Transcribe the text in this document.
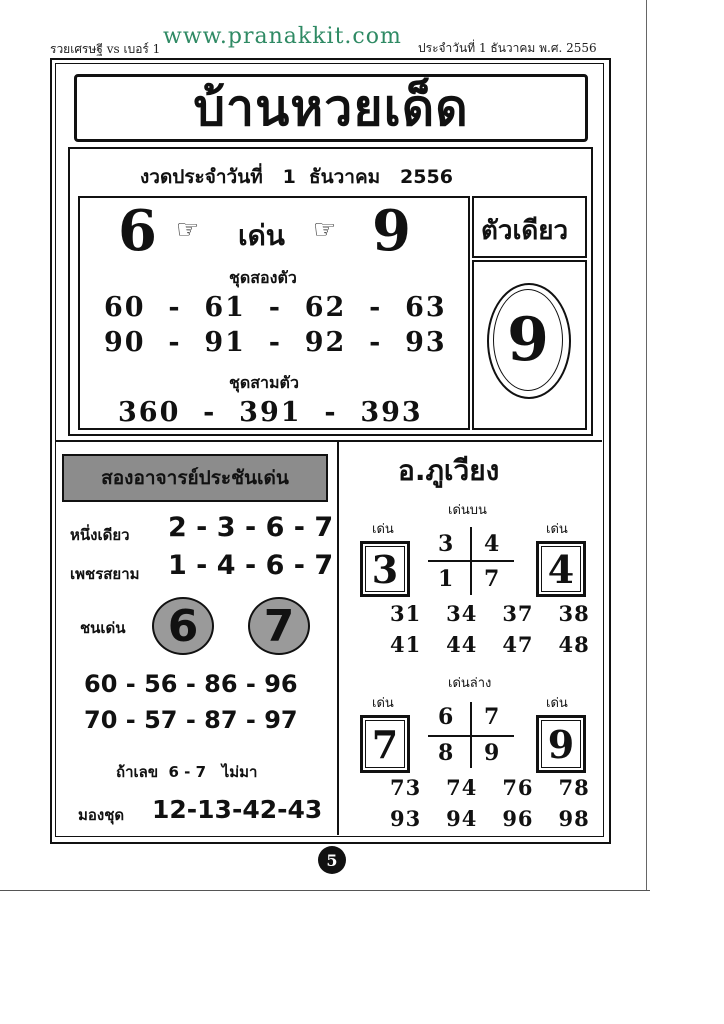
รวยเศรษฐี vs เบอร์ 1 www.pranakkit.com ประจำวันที่ 1 ธันวาคม พ.ศ. 2556
บ้านหวยเด็ด
งวดประจำวันที่   1  ธันวาคม   2556
6 ☞ เด่น ☞ 9
ชุดสองตัว
60  -  61  -  62  -  63
90  -  91  -  92  -  93
ชุดสามตัว
360  -  391  -  393
ตัวเดียว
9
สองอาจารย์ประชันเด่น
หนึ่งเดียว 2 - 3 - 6 - 7
เพชรสยาม 1 - 4 - 6 - 7
ชนเด่น 6 7
60 - 56 - 86 - 96
70 - 57 - 87 - 97
ถ้าเลข  6 - 7   ไม่มา
มองชุด 12-13-42-43
อ.ภูเวียง
เด่นบน
เด่น	เด่น
3	4
3 4
1 7
31   34   37   38
41   44   47   48
เด่นล่าง
เด่น	เด่น
7	9
6 7
8 9
73   74   76   78
93   94   96   98
5
